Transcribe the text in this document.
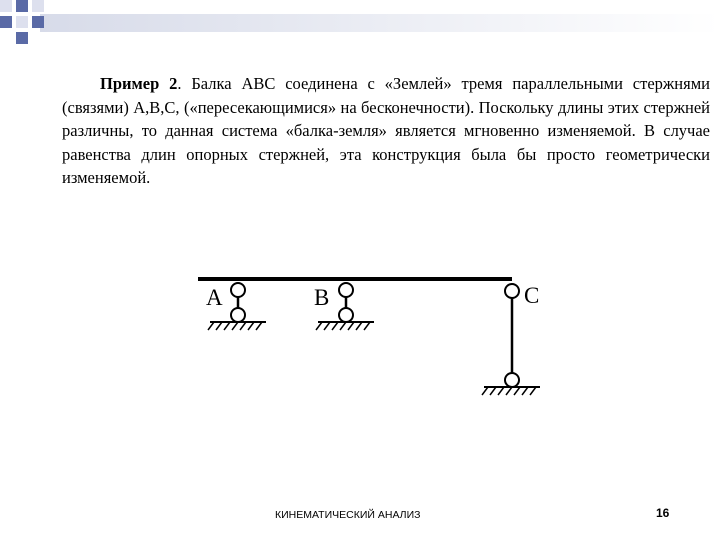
Пример 2. Балка ABC соединена с «Землей» тремя параллельными стержнями (связями) A,B,C, («пересекающимися» на бесконечности). Поскольку длины этих стержней различны, то данная система «балка-земля» является мгновенно изменяемой. В случае равенства длин опорных стержней, эта конструкция была бы просто геометрически изменяемой.

A	B	C
КИНЕМАТИЧЕСКИЙ АНАЛИЗ	16
